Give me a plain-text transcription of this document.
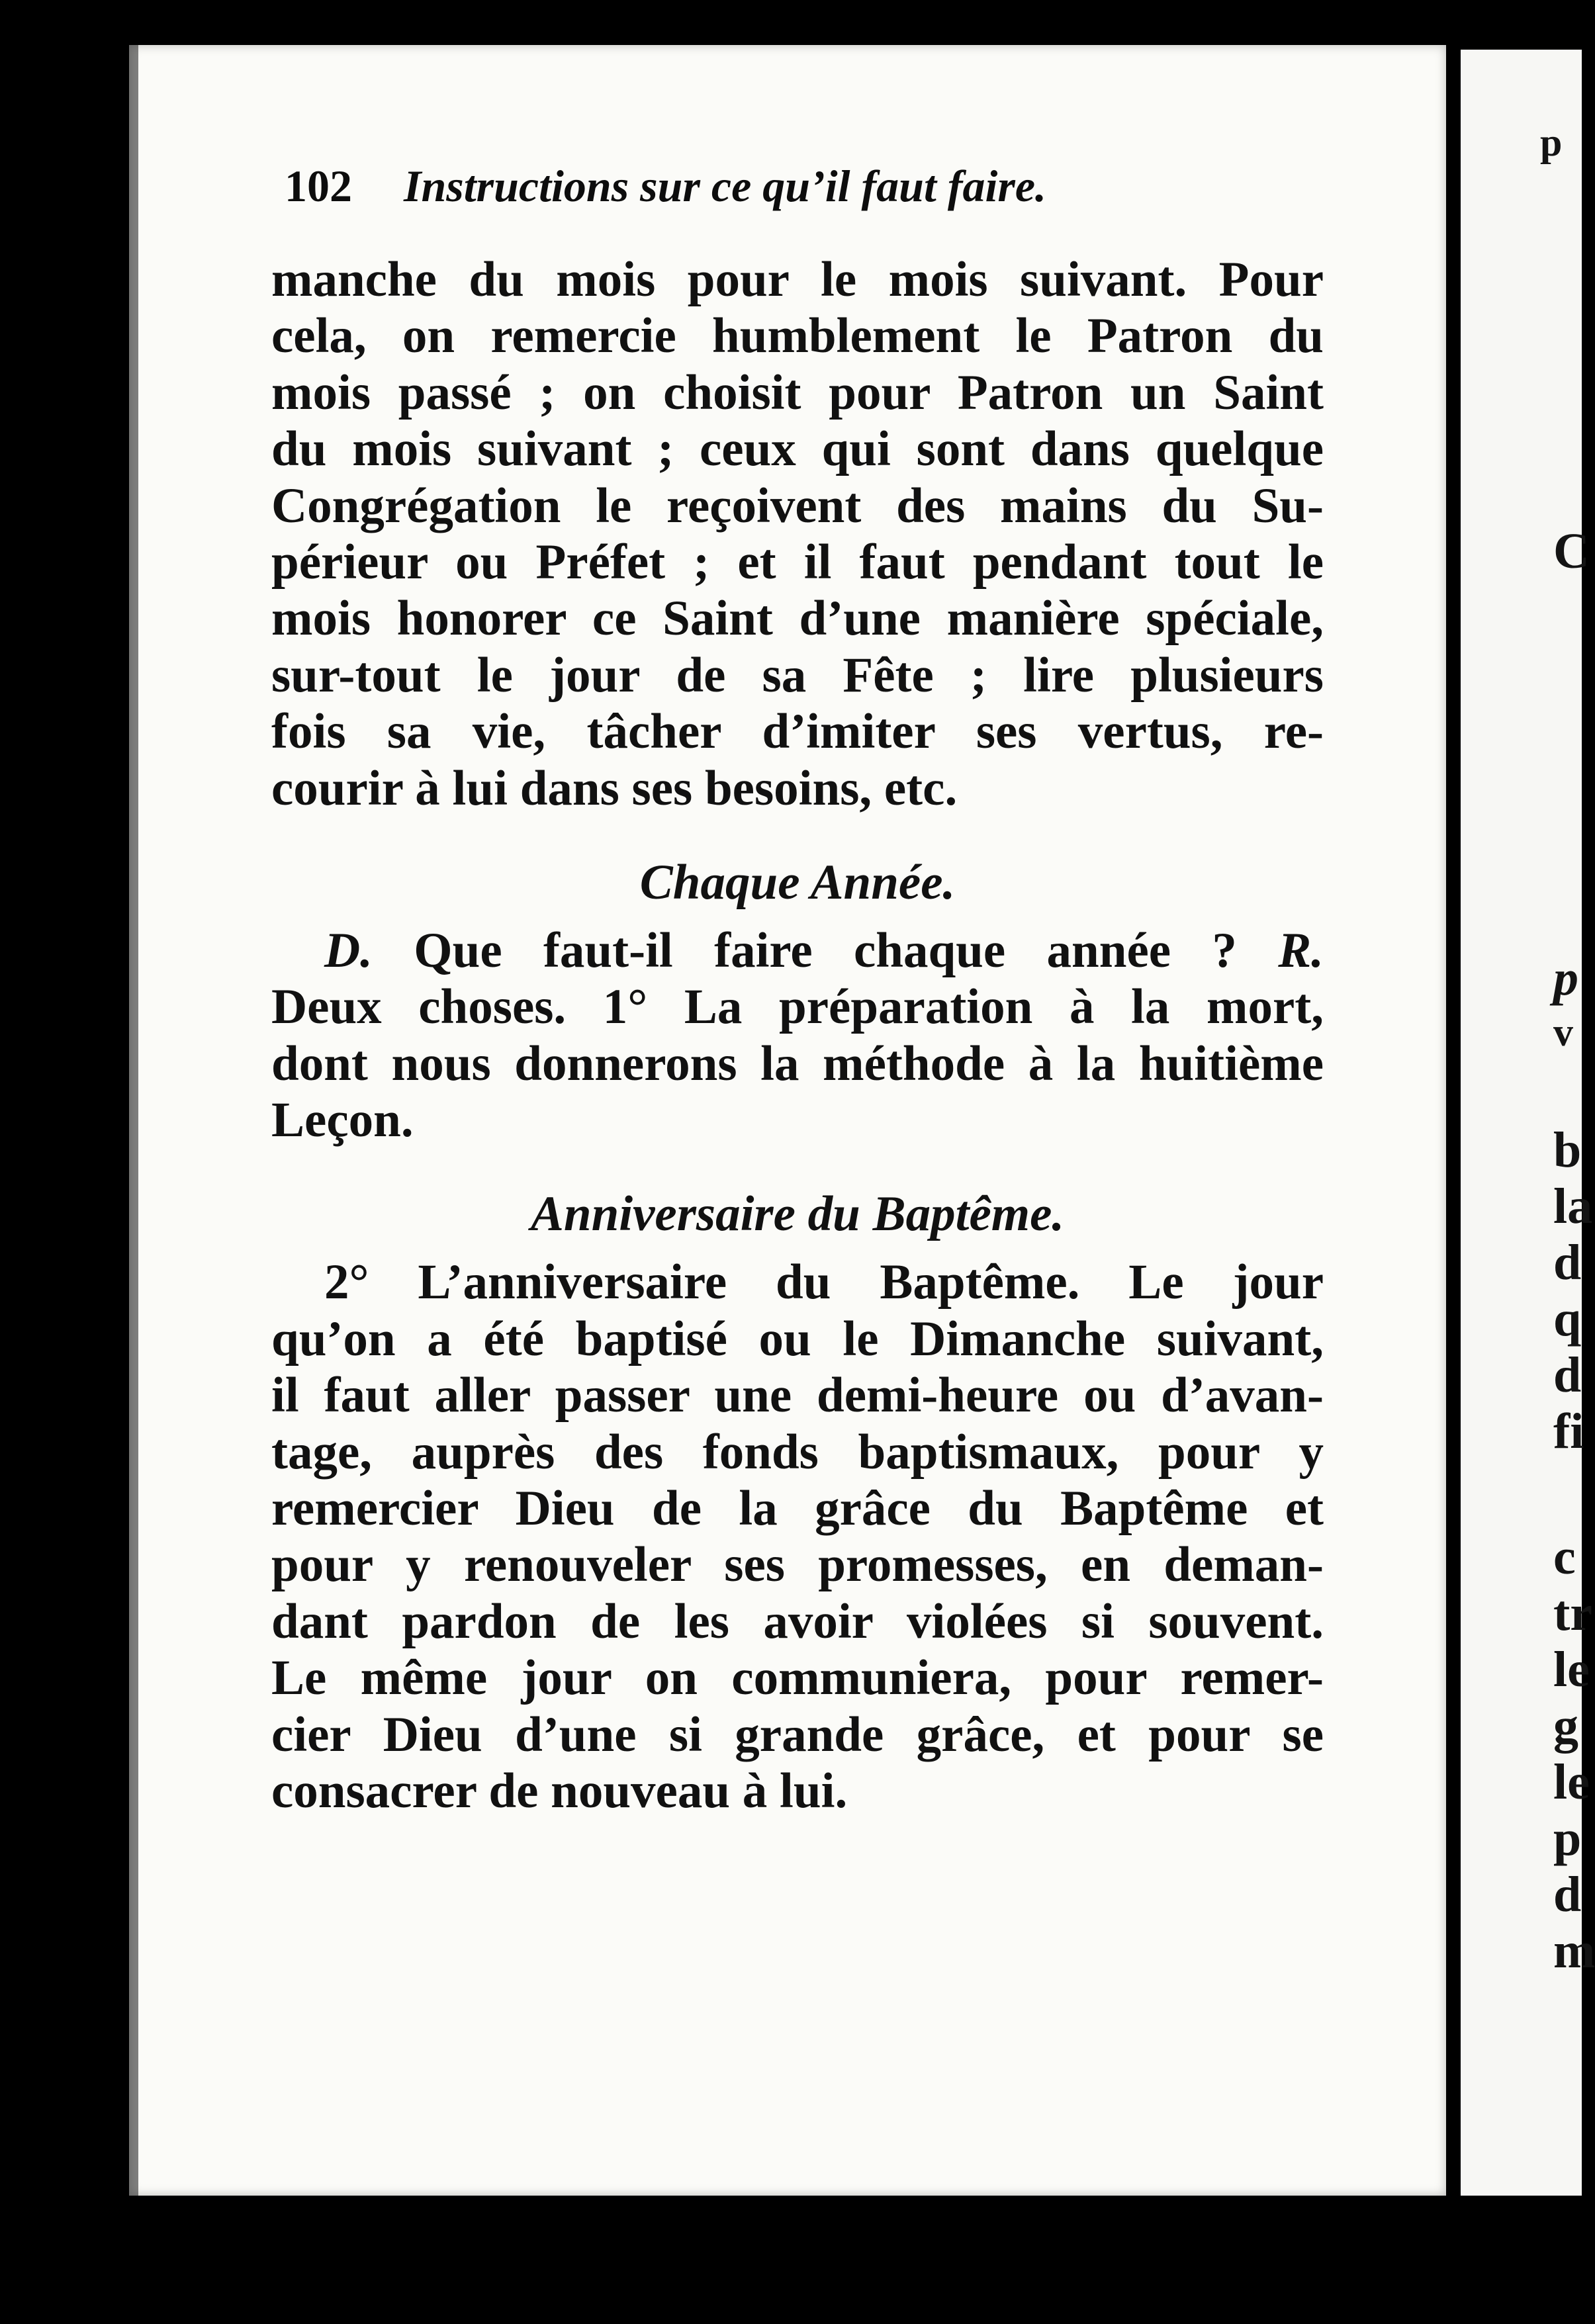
p
C
p
v
b
la
d
q
d
fi
c
tr
le
g
le
p
d
m
102 Instructions sur ce qu’il faut faire.
manche du mois pour le mois suivant. Pour
cela, on remercie humblement le Patron du
mois passé ; on choisit pour Patron un Saint
du mois suivant ; ceux qui sont dans quelque
Congrégation le reçoivent des mains du Su-
périeur ou Préfet ; et il faut pendant tout le
mois honorer ce Saint d’une manière spéciale,
sur-tout le jour de sa Fête ; lire plusieurs
fois sa vie, tâcher d’imiter ses vertus, re-
courir à lui dans ses besoins, etc.
Chaque Année.
D. Que faut-il faire chaque année ? R.
Deux choses. 1° La préparation à la mort,
dont nous donnerons la méthode à la huitième
Leçon.
Anniversaire du Baptême.
2° L’anniversaire du Baptême. Le jour
qu’on a été baptisé ou le Dimanche suivant,
il faut aller passer une demi-heure ou d’avan-
tage, auprès des fonds baptismaux, pour y
remercier Dieu de la grâce du Baptême et
pour y renouveler ses promesses, en deman-
dant pardon de les avoir violées si souvent.
Le même jour on communiera, pour remer-
cier Dieu d’une si grande grâce, et pour se
consacrer de nouveau à lui.
